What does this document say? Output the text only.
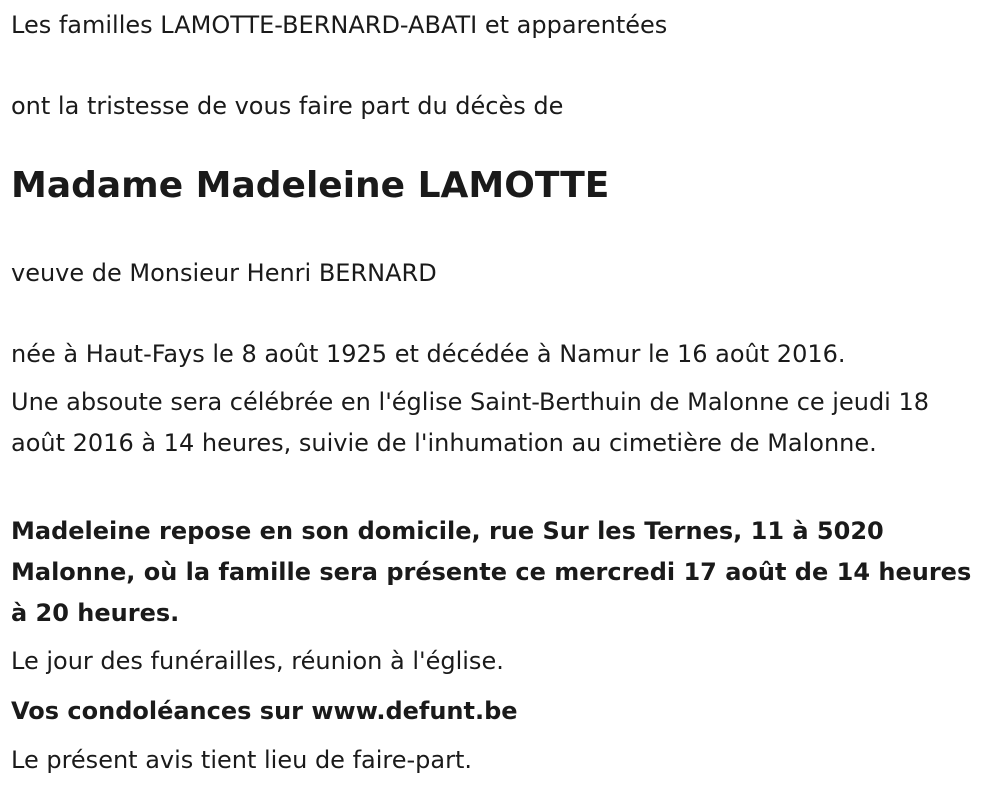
Les familles LAMOTTE-BERNARD-ABATI et apparentées

ont la tristesse de vous faire part du décès de

Madame Madeleine LAMOTTE

veuve de Monsieur Henri BERNARD

née à Haut-Fays le 8 août 1925 et décédée à Namur le 16 août 2016.

Une absoute sera célébrée en l'église Saint-Berthuin de Malonne ce jeudi 18 août 2016 à 14 heures, suivie de l'inhumation au cimetière de Malonne.

Madeleine repose en son domicile, rue Sur les Ternes, 11 à 5020 Malonne, où la famille sera présente ce mercredi 17 août de 14 heures à 20 heures.

Le jour des funérailles, réunion à l'église.

Vos condoléances sur www.defunt.be

Le présent avis tient lieu de faire-part.
